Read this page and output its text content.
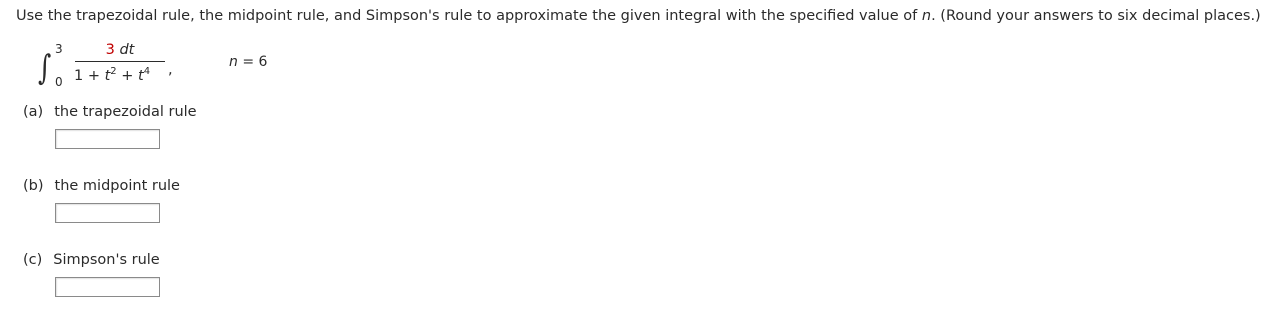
Use the trapezoidal rule, the midpoint rule, and Simpson's rule to approximate the given integral with the specified value of n. (Round your answers to six decimal places.)
∫ 3
0
3 dt
$1 + t^2 + t^4$	,	n = 6
(a) the trapezoidal rule
(b) the midpoint rule
(c) Simpson's rule
